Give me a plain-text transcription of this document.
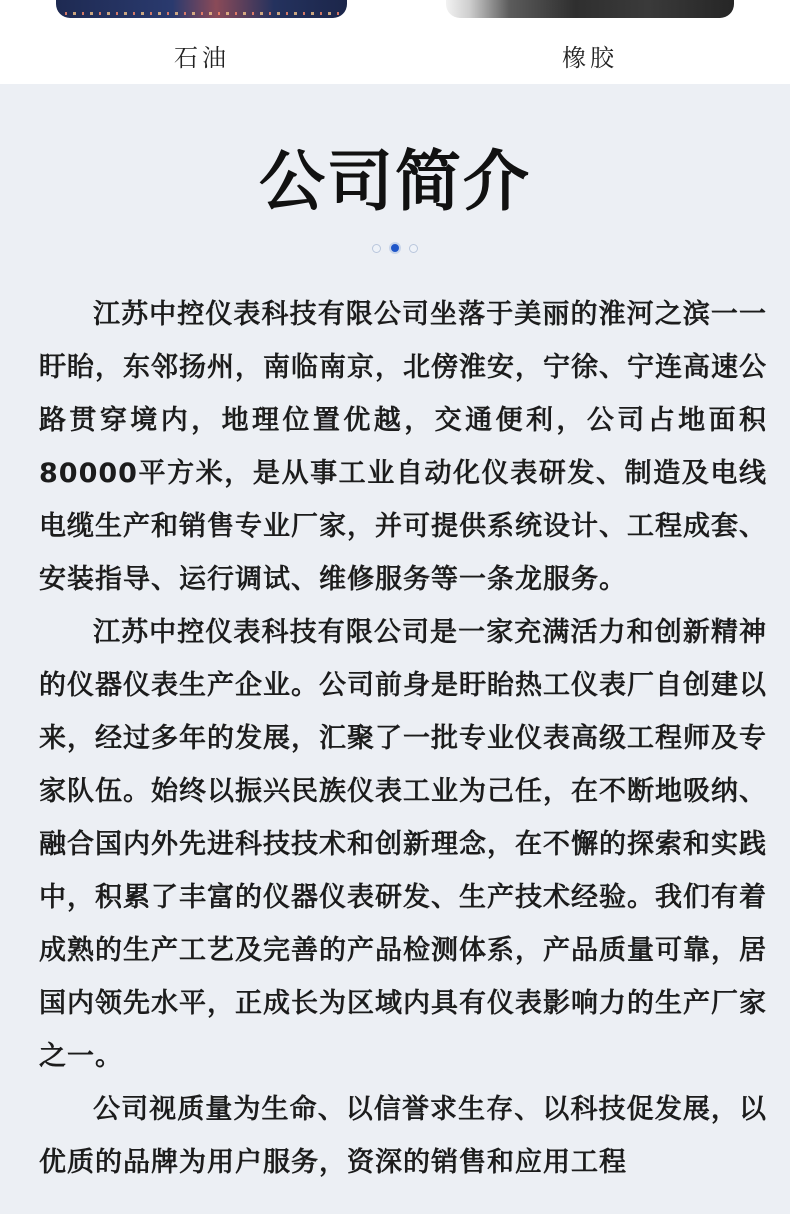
石油	橡胶
公司简介

江苏中控仪表科技有限公司坐落于美丽的淮河之滨一一盱眙，东邻扬州，南临南京，北傍淮安，宁徐、宁连高速公路贯穿境内，地理位置优越，交通便利，公司占地面积80000平方米，是从事工业自动化仪表研发、制造及电线电缆生产和销售专业厂家，并可提供系统设计、工程成套、安装指导、运行调试、维修服务等一条龙服务。

江苏中控仪表科技有限公司是一家充满活力和创新精神的仪器仪表生产企业。公司前身是盱眙热工仪表厂自创建以来，经过多年的发展，汇聚了一批专业仪表高级工程师及专家队伍。始终以振兴民族仪表工业为己任，在不断地吸纳、融合国内外先进科技技术和创新理念，在不懈的探索和实践中，积累了丰富的仪器仪表研发、生产技术经验。我们有着成熟的生产工艺及完善的产品检测体系，产品质量可靠，居国内领先水平，正成长为区域内具有仪表影响力的生产厂家之一。

公司视质量为生命、以信誉求生存、以科技促发展，以优质的品牌为用户服务，资深的销售和应用工程
